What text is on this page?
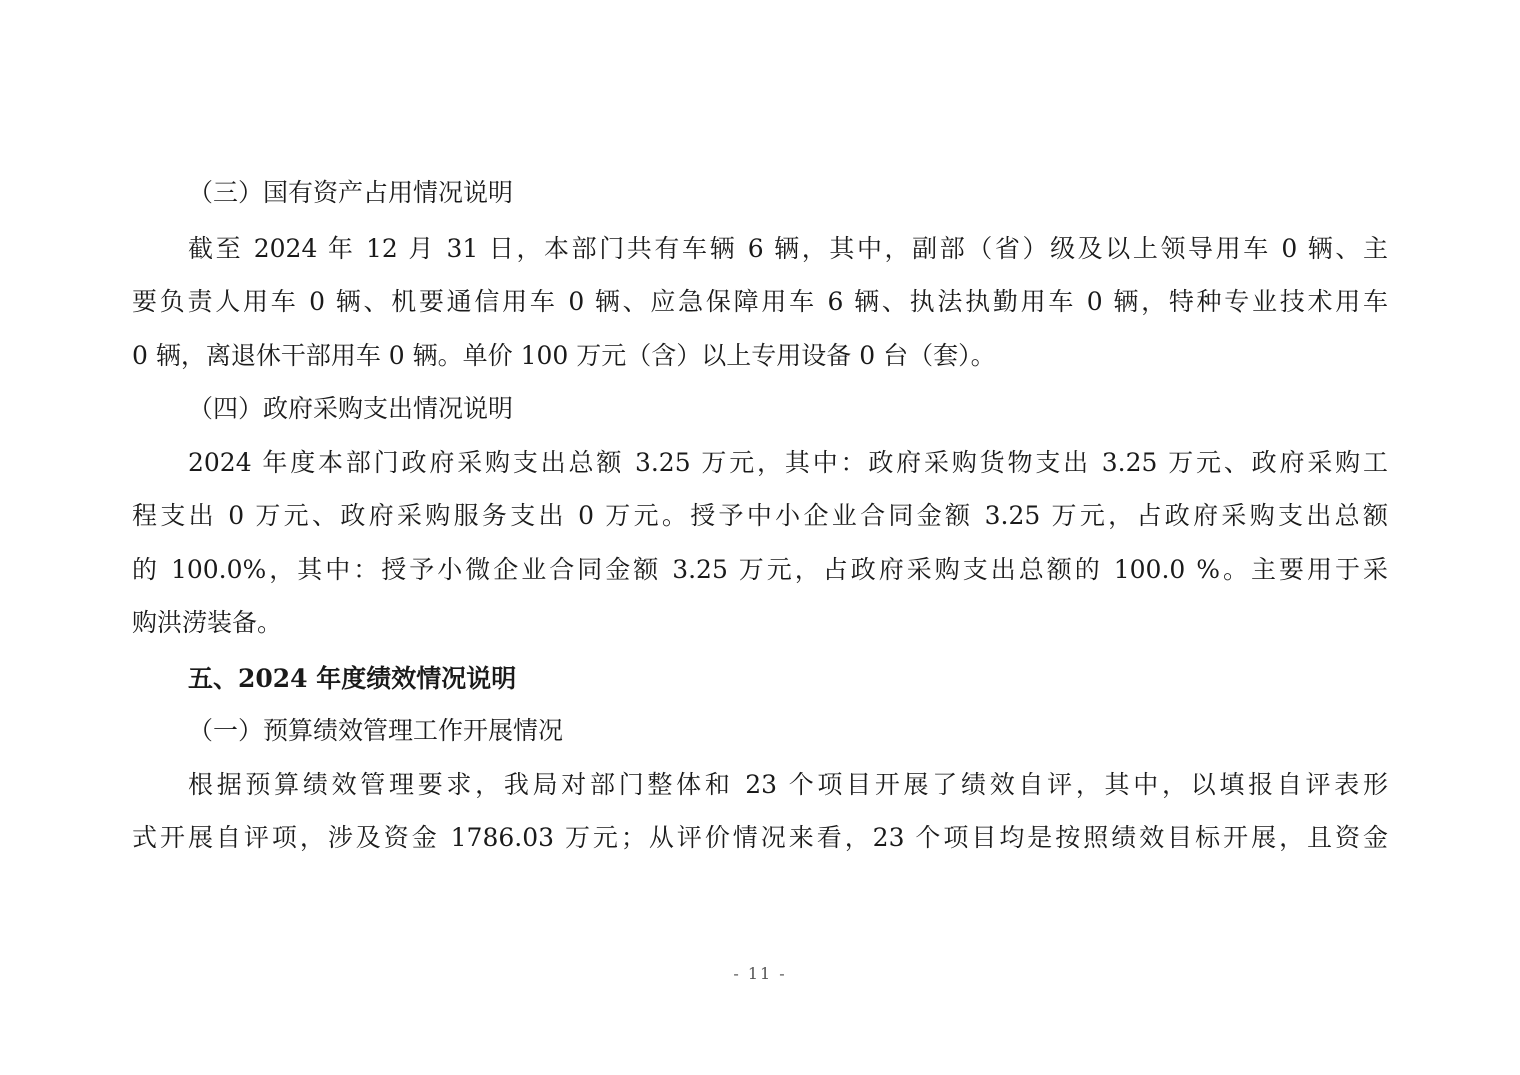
（三）国有资产占用情况说明
截至 2024 年 12 月 31 日，本部门共有车辆 6 辆，其中，副部（省）级及以上领导用车 0 辆、主
要负责人用车 0 辆、机要通信用车 0 辆、应急保障用车 6 辆、执法执勤用车 0 辆，特种专业技术用车
0 辆，离退休干部用车 0 辆。单价 100 万元（含）以上专用设备 0 台（套）。
（四）政府采购支出情况说明
2024 年度本部门政府采购支出总额 3.25 万元，其中：政府采购货物支出 3.25 万元、政府采购工
程支出 0 万元、政府采购服务支出 0 万元。授予中小企业合同金额 3.25 万元，占政府采购支出总额
的 100.0%，其中：授予小微企业合同金额 3.25 万元，占政府采购支出总额的 100.0 %。主要用于采
购洪涝装备。
五、2024 年度绩效情况说明
（一）预算绩效管理工作开展情况
根据预算绩效管理要求，我局对部门整体和 23 个项目开展了绩效自评，其中，以填报自评表形
式开展自评项，涉及资金 1786.03 万元；从评价情况来看，23 个项目均是按照绩效目标开展，且资金
- 11 -
